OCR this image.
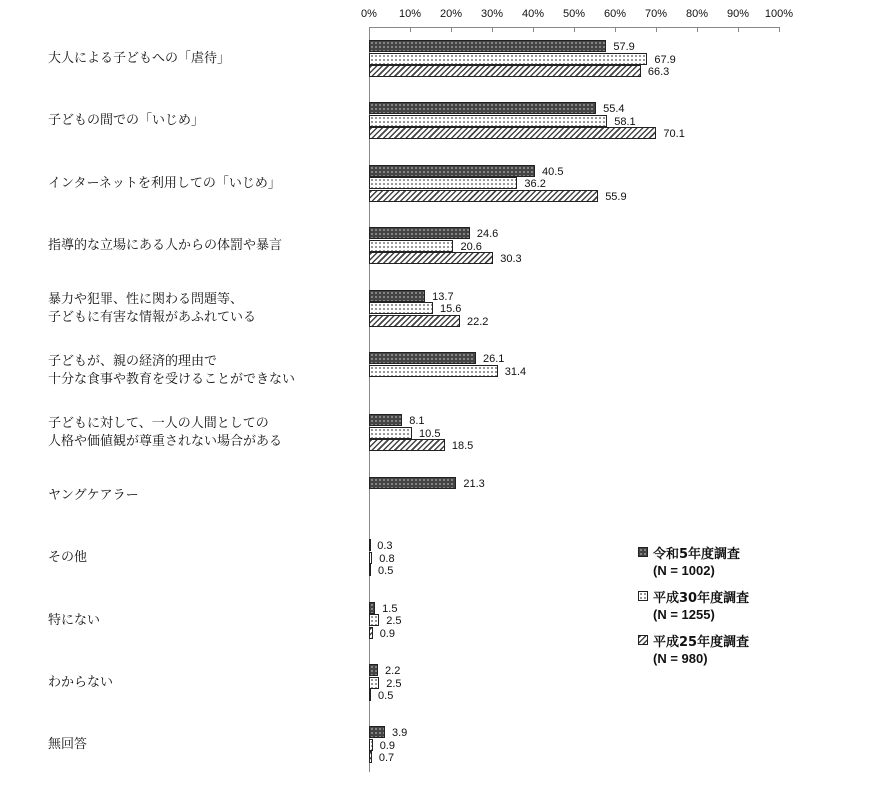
0% 10% 20% 30% 40% 50% 60% 70% 80% 90% 100%
大人による子どもへの「虐待」
子どもの間での「いじめ」
インターネットを利用しての「いじめ」
指導的な立場にある人からの体罰や暴言
暴力や犯罪、性に関わる問題等、
子どもに有害な情報があふれている
子どもが、親の経済的理由で
十分な食事や教育を受けることができない
子どもに対して、一人の人間としての
人格や価値観が尊重されない場合がある
ヤングケアラー
その他
特にない
わからない
無回答
57.9
67.9
66.3
55.4
58.1
70.1
40.5
36.2
55.9
24.6
20.6
30.3
13.7
15.6
22.2
26.1
31.4
8.1
10.5
18.5
21.3
0.3
0.8
0.5
1.5
2.5
0.9
2.2
2.5
0.5
3.9
0.9
0.7
令和5年度調査
(N = 1002)
平成30年度調査
(N = 1255)
平成25年度調査
(N = 980)
